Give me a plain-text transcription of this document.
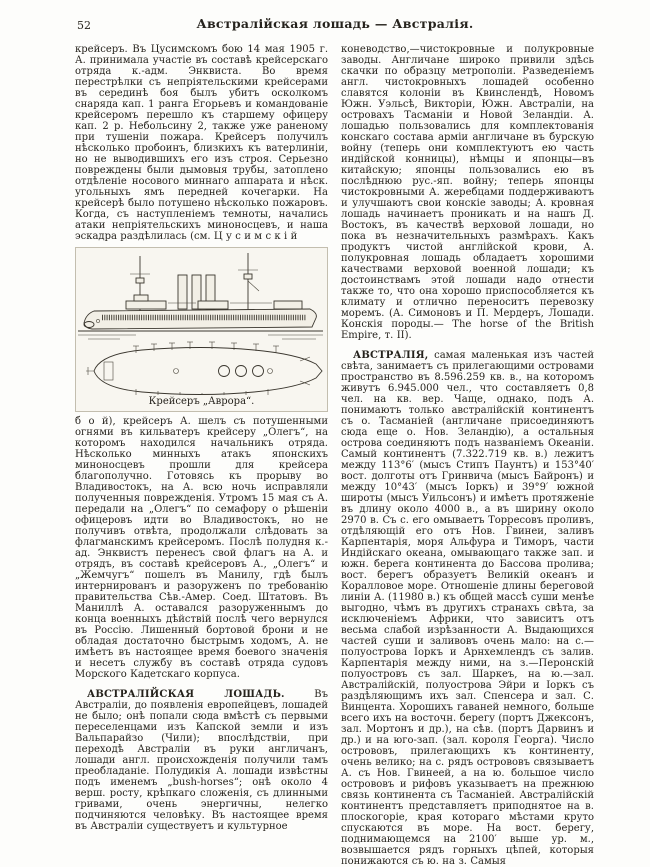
52	Австралійская лошадь — Австралія.

крейсеръ. Въ Цусимскомъ бою 14 мая 1905 г. А. принимала участіе въ составѣ крейсерскаго отряда к.-адм. Энквиста. Во время перестрѣлки съ непріятельскими крейсерами въ серединѣ боя былъ убитъ осколкомъ снаряда кап. 1 ранга Егорьевъ и командованіе крейсеромъ перешло къ старшему офицеру кап. 2 р. Небольсину 2, также уже раненому при тушеніи пожара. Крейсеръ получилъ нѣсколько пробоинъ, близкихъ къ ватерлиніи, но не выводившихъ его изъ строя. Серьезно повреждены были дымовыя трубы, затоплено отдѣленіе носового миннаго аппарата и нѣск. угольныхъ ямъ передней кочегарки. На крейсерѣ было потушено нѣсколько пожаровъ. Когда, съ наступленіемъ темноты, начались атаки непріятельскихъ миноносцевъ, и наша эскадра раздѣлилась (см. Ц у с и м с к і й

Крейсеръ „Аврора“.

б о й), крейсеръ А. шелъ съ потушенными огнями въ кильватеръ крейсеру „Олегъ“, на которомъ находился начальникъ отряда. Нѣсколько минныхъ атакъ японскихъ миноносцевъ прошли для крейсера благополучно. Готовясь къ прорыву во Владивостокъ, на А. всю ночь исправляли полученныя поврежденія. Утромъ 15 мая съ А. передали на „Олегъ“ по семафору о рѣшеніи офицеровъ идти во Владивостокъ, но не получивъ отвѣта, продолжали слѣдовать за флагманскимъ крейсеромъ. Послѣ полудня к.-ад. Энквистъ перенесъ свой флагъ на А. и отрядъ, въ составѣ крейсеровъ А., „Олегъ“ и „Жемчугъ“ пошелъ въ Манилу, гдѣ былъ интернированъ и разоруженъ по требованію правительства Сѣв.-Амер. Соед. Штатовъ. Въ Маниллѣ А. оставался разоруженнымъ до конца военныхъ дѣйствій послѣ чего вернулся въ Россію. Лишенный бортовой брони и не обладая достаточно быстрымъ ходомъ, А. не имѣетъ въ настоящее время боевого значенія и несетъ службу въ составѣ отряда судовъ Морского Кадетскаго корпуса.

АВСТРАЛІЙСКАЯ ЛОШАДЬ.	Въ Австраліи, до появленія европейцевъ, лошадей не было; онѣ попали сюда вмѣстѣ съ первыми переселенцами изъ Капской земли и изъ Вальпарайзо (Чили); впослѣдствіи, при переходѣ Австраліи въ руки англичанъ, лошади англ. происхожденія получили тамъ преобладаніе. Полудикія А. лошади извѣстны подъ именемъ „bush-horses“; онѣ около 4 верш. росту, крѣпкаго сложенія, съ длинными гривами, очень энергичны, нелегко подчиняются человѣку. Въ настоящее время въ Австраліи существуетъ и культурное

коневодство,—чистокровные и полукровные заводы. Англичане широко привили здѣсь скачки по образцу метрополіи. Разведеніемъ англ. чистокровныхъ лошадей особенно славятся колоніи въ Квинслендѣ, Новомъ Южн. Уэльсѣ, Викторіи, Южн. Австраліи, на островахъ Тасманіи и Новой Зеландіи. А. лошадью пользовались для комплектованія конскаго состава арміи англичане въ бурскую войну (теперь они комплектуютъ ею часть индійской конницы), нѣмцы и японцы—въ китайскую; японцы пользовались ею въ послѣднюю рус.-яп. войну; теперь японцы чистокровными А. жеребцами поддерживаютъ и улучшаютъ свои конскіе заводы; А. кровная лошадь начинаетъ проникать и на нашъ Д. Востокъ, въ качествѣ верховой лошади, но пока въ незначительныхъ размѣрахъ. Какъ продуктъ чистой англійской крови, А. полукровная лошадь обладаетъ хорошими качествами верховой военной лошади; къ достоинствамъ этой лошади надо отнести также то, что она хорошо приспособляется къ климату и отлично переноситъ перевозку моремъ. (А. Симоновъ и П. Мердеръ, Лошади. Конскія породы.— The horse of the British Empire, т. II).

АВСТРАЛІЯ, самая маленькая изъ частей свѣта, занимаетъ съ прилегающими островами пространство въ 8.596.259 кв. в., на которомъ живутъ 6.945.000 чел., что составляетъ 0,8 чел. на кв. вер. Чаще, однако, подъ А. понимаютъ только австралійскій континентъ съ о. Тасманіей (англичане присоединяютъ сюда еще о. Нов. Зеландію), а остальныя острова соединяютъ подъ названіемъ Океаніи. Самый континентъ (7.322.719 кв. в.) лежитъ между 113°6′ (мысъ Стипъ Паунтъ) и 153°40′ вост. долготы отъ Гринвича (мысъ Байронъ) и между 10°43′ (мысъ Іоркъ) и 39°9′ южной широты (мысъ Уильсонъ) и имѣетъ протяженіе въ длину около 4000 в., а въ ширину около 2970 в. Съ с. его омываетъ Торресовъ проливъ, отдѣляющій его отъ Нов. Гвинеи, заливъ Карпентарія, моря Альфура и Тиморъ, части Индійскаго океана, омывающаго также зап. и южн. берега континента до Бассова пролива; вост. берегъ образуетъ Великій океанъ и Коралловое море. Отношеніе длины береговой линіи А. (11980 в.) къ общей массѣ суши менѣе выгодно, чѣмъ въ другихъ странахъ свѣта, за исключеніемъ Африки, что зависитъ отъ весьма слабой изрѣзанности А. Выдающихся частей суши и заливовъ очень мало: на с.—полуострова Іоркъ и Арнхемлендъ съ залив. Карпентарія между ними, на з.—Перонскій полуостровъ съ зал. Шаркеъ, на ю.—зал. Австралійскій, полуострова Эйри и Іоркъ съ раздѣляющимъ ихъ зал. Спенсера и зал. С. Винцента. Хорошихъ гаваней немного, больше всего ихъ на восточн. берегу (портъ Джексонъ, зал. Мортонъ и др.), на сѣв. (портъ Дарвинъ и др.) и на юго-зап. (зал. короля Георга). Число острововъ, прилегающихъ къ континенту, очень велико; на с. рядъ острововъ связываетъ А. съ Нов. Гвинеей, а на ю. большое число острововъ и рифовъ указываетъ на прежнюю связь континента съ Тасманіей. Австралійскій континентъ представляетъ приподнятое на в. плоскогоріе, края котораго мѣстами круто спускаются въ море. На вост. берегу, поднимающемся на 2100′ выше ур. м., возвышается рядъ горныхъ цѣпей, которыя понижаются съ ю. на з. Самыя
